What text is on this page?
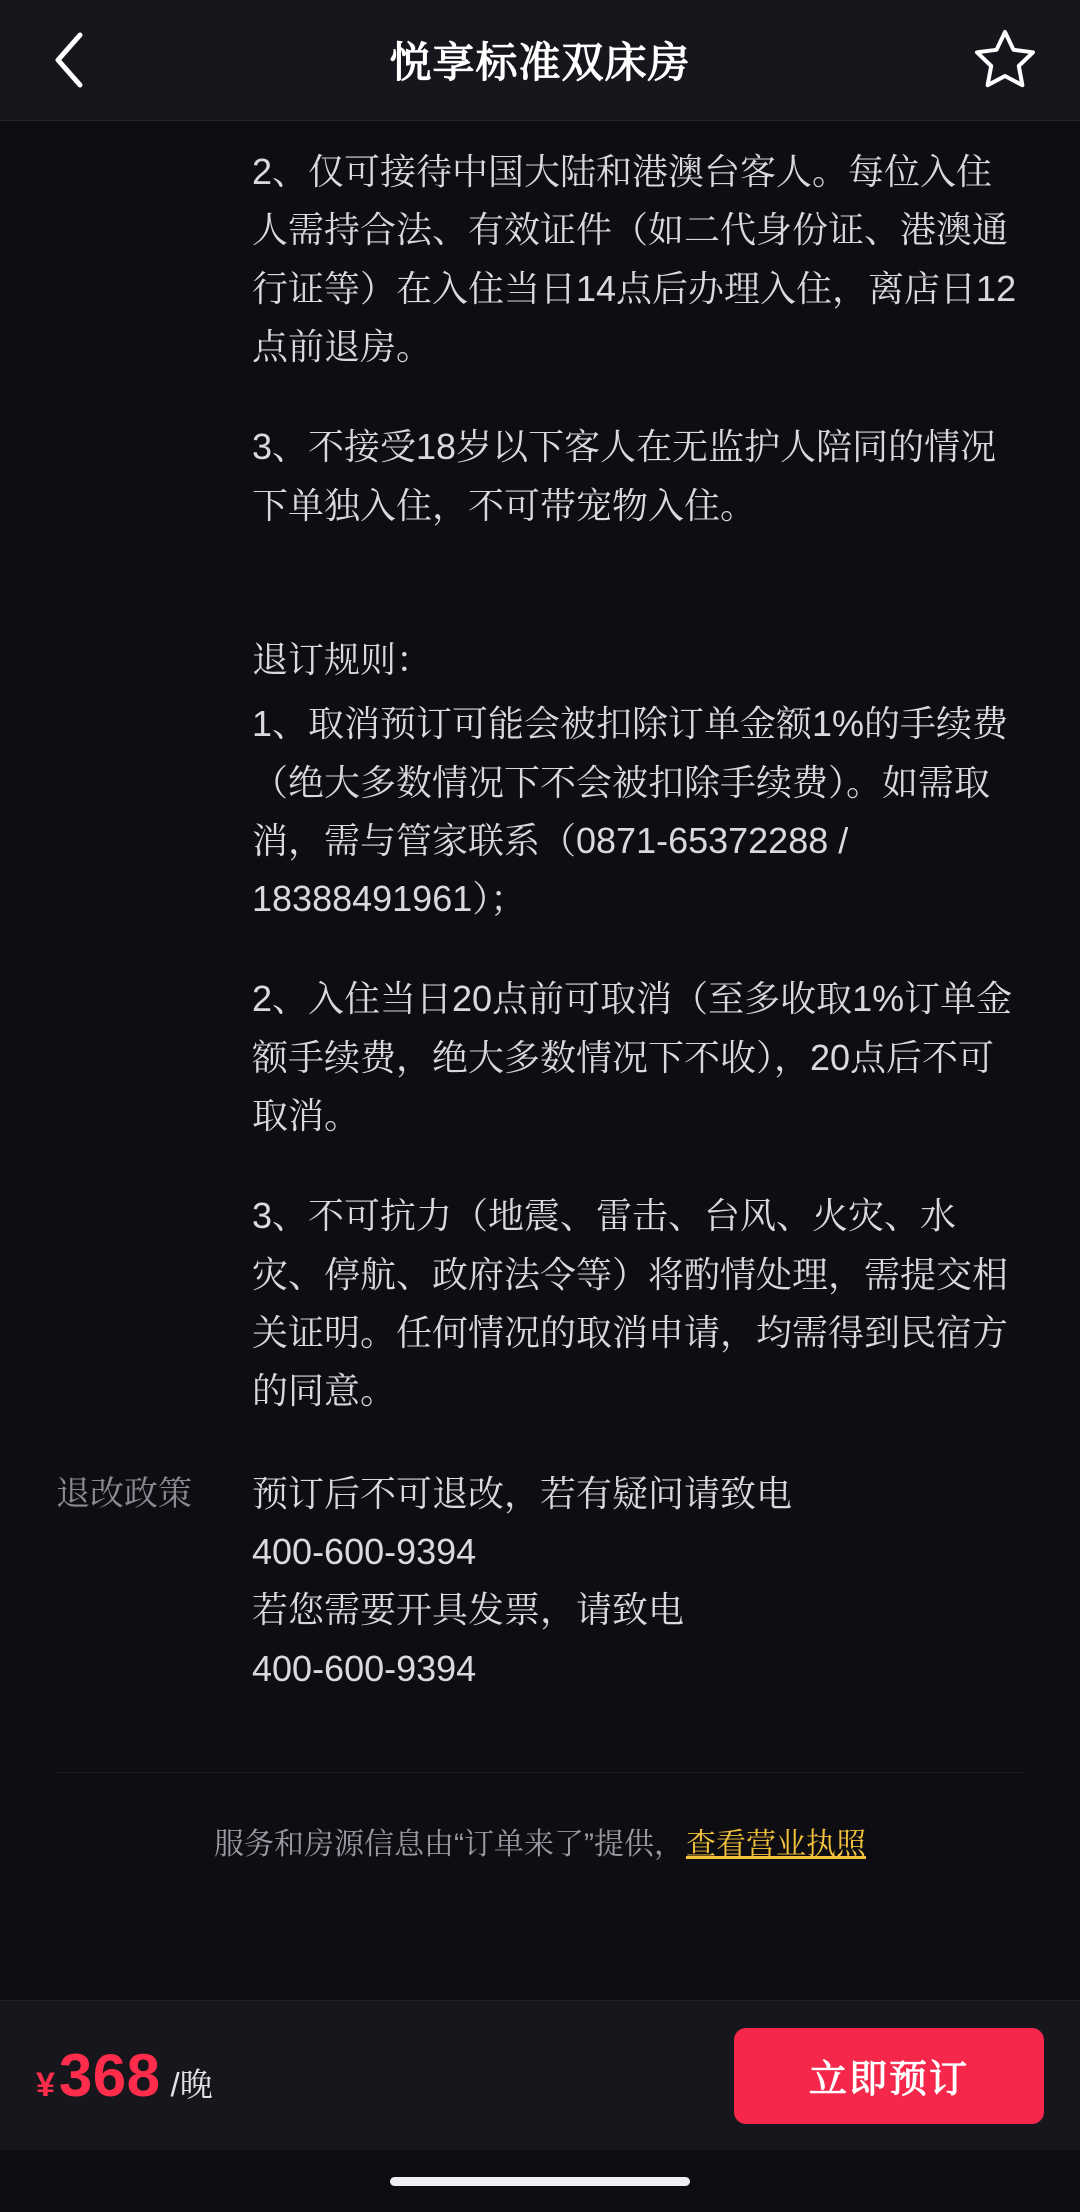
悦享标准双床房

2、仅可接待中国大陆和港澳台客人。每位入住人需持合法、有效证件（如二代身份证、港澳通行证等）在入住当日14点后办理入住，离店日12点前退房。

3、不接受18岁以下客人在无监护人陪同的情况下单独入住，不可带宠物入住。

退订规则：

1、取消预订可能会被扣除订单金额1%的手续费（绝大多数情况下不会被扣除手续费）。如需取消，需与管家联系（0871-65372288 / 18388491961）；

2、入住当日20点前可取消（至多收取1%订单金额手续费，绝大多数情况下不收），20点后不可取消。

3、不可抗力（地震、雷击、台风、火灾、水灾、停航、政府法令等）将酌情处理，需提交相关证明。任何情况的取消申请，均需得到民宿方的同意。

退改政策	预订后不可退改，若有疑问请致电
400-600-9394
若您需要开具发票，请致电
400-600-9394
服务和房源信息由“订单来了”提供，查看营业执照
¥ 368 /晚	立即预订
